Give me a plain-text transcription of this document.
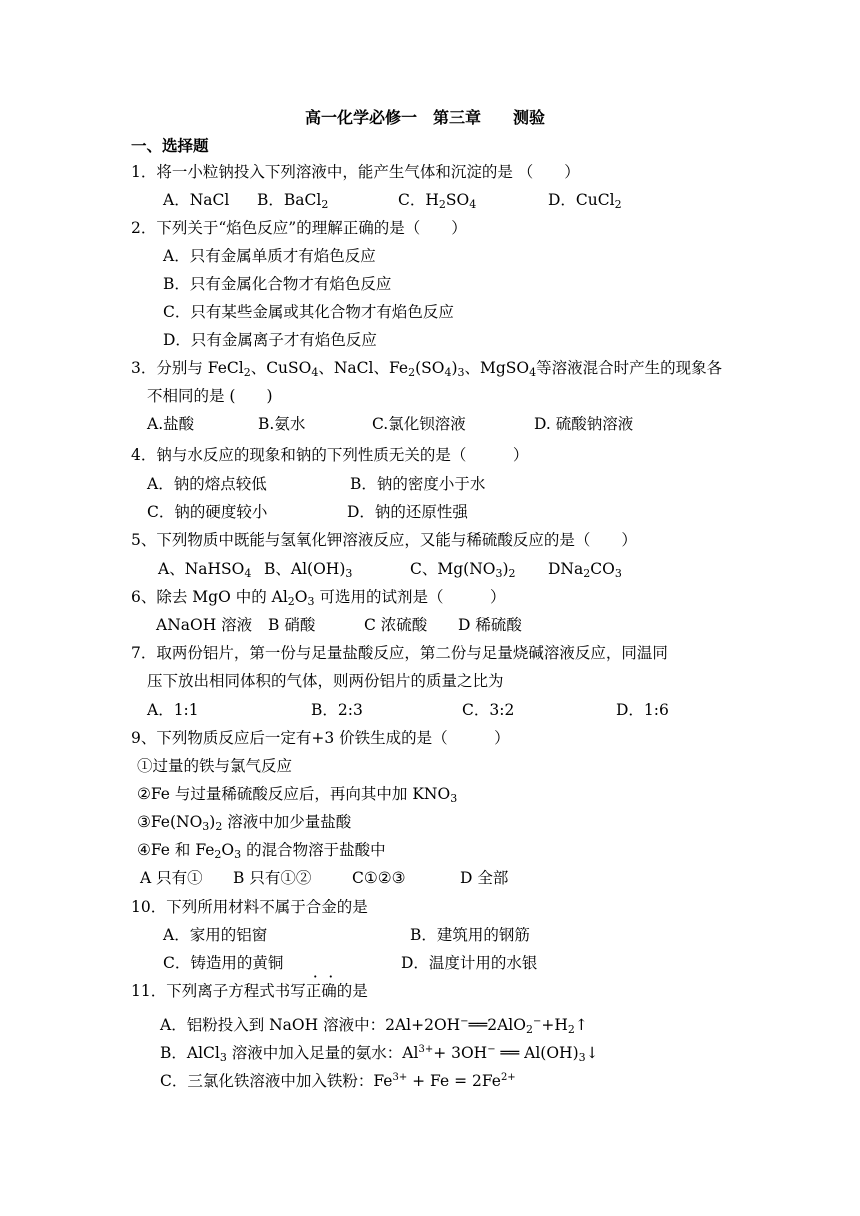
高一化学必修一　第三章　　测验
一、选择题
1．将一小粒钠投入下列溶液中，能产生气体和沉淀的是 （　　）
A．NaCl B．BaCl$_2$	C．$H_2SO_4$	D．CuCl$_2$
2．下列关于“焰色反应”的理解正确的是（　　）
A．只有金属单质才有焰色反应
B．只有金属化合物才有焰色反应
C．只有某些金属或其化合物才有焰色反应
D．只有金属离子才有焰色反应
3．分别与 FeCl$_2$、CuSO$_4$、NaCl、$Fe_2(SO_4)_3$、MgSO$_4$等溶液混合时产生的现象各
不相同的是 (　　)
A.盐酸	B.氨水	C.氯化钡溶液	D. 硫酸钠溶液
4．钠与水反应的现象和钠的下列性质无关的是（　　　）
A．钠的熔点较低	B．钠的密度小于水
C．钠的硬度较小	D．钠的还原性强
5、下列物质中既能与氢氧化钾溶液反应，又能与稀硫酸反应的是（　　）
A、NaHSO$_4$ B、$Al(OH)_3$	C、$Mg(NO_3)_2$ $DNa_2CO_3$
6、除去 MgO 中的 $Al_2O_3$ 可选用的试剂是（　　　）
ANaOH 溶液 B 硝酸	C 浓硫酸 D 稀硫酸
7．取两份铝片，第一份与足量盐酸反应，第二份与足量烧碱溶液反应，同温同
压下放出相同体积的气体，则两份铝片的质量之比为
A．1:1	B．2:3	C．3:2	D．1:6
9、下列物质反应后一定有+3 价铁生成的是（　　　）
①过量的铁与氯气反应
②Fe 与过量稀硫酸反应后，再向其中加 $KNO_3$
$③Fe(NO_3)_2$ 溶液中加少量盐酸
④Fe 和 $Fe_2O_3$ 的混合物溶于盐酸中
A 只有① B 只有①②	C①②③	D 全部
10．下列所用材料不属于合金的是
A．家用的铝窗	B．建筑用的钢筋
C．铸造用的黄铜	D．温度计用的水银
11．下列离子方程式书写正确的是
A．铝粉投入到 NaOH 溶液中：$2Al+2OH^-══2AlO_2^-+H_2↑$
B．AlCl$_3$ 溶液中加入足量的氨水：$Al^{3+}+ 3OH^-$ ══ $Al(OH)_3↓$
C．三氯化铁溶液中加入铁粉：$Fe^{3+} + Fe = 2Fe^{2+}$
